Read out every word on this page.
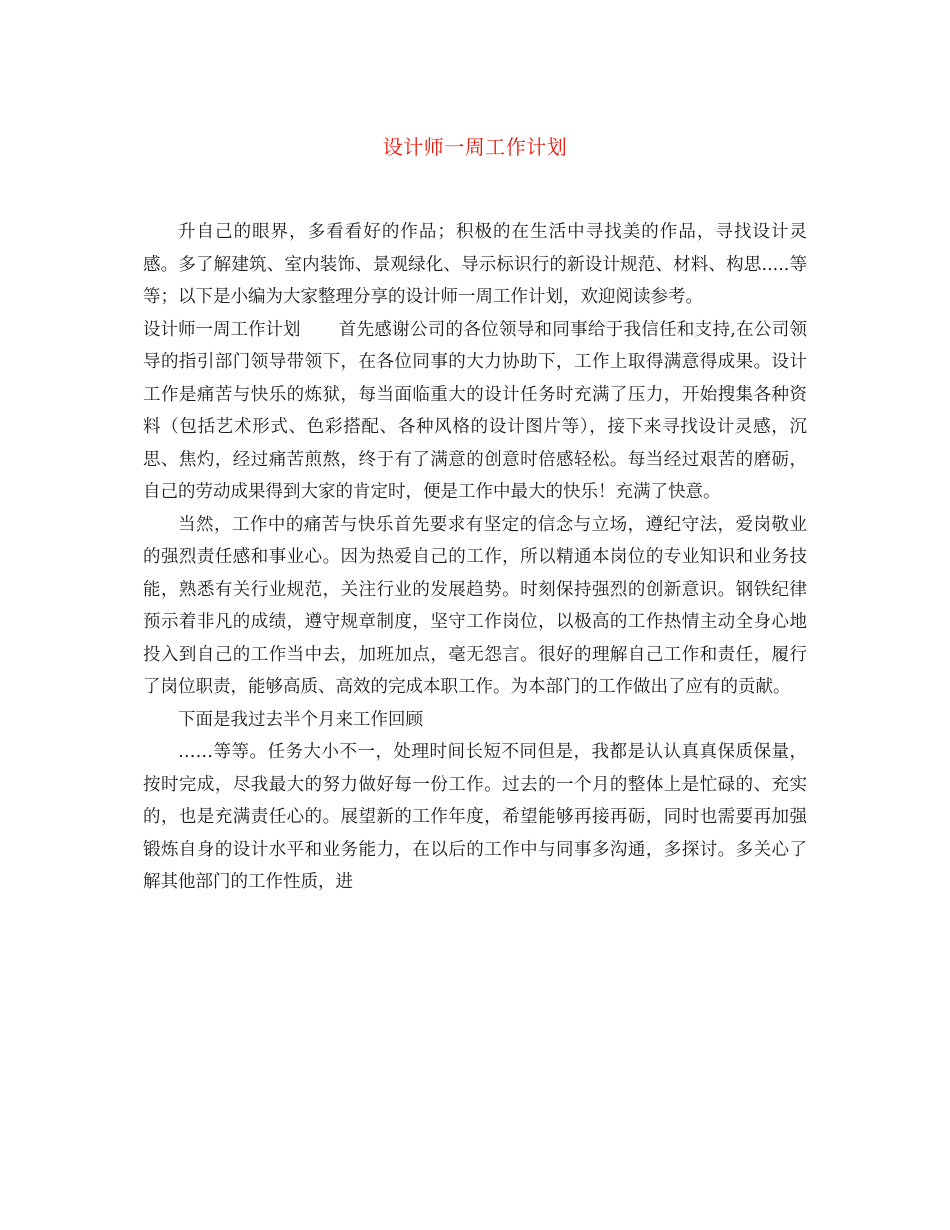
设计师一周工作计划

升自己的眼界，多看看好的作品；积极的在生活中寻找美的作品，寻找设计灵感。多了解建筑、室内装饰、景观绿化、导示标识行的新设计规范、材料、构思.....等等；以下是小编为大家整理分享的设计师一周工作计划，欢迎阅读参考。

设计师一周工作计划 首先感谢公司的各位领导和同事给于我信任和支持,在公司领导的指引部门领导带领下，在各位同事的大力协助下，工作上取得满意得成果。设计工作是痛苦与快乐的炼狱，每当面临重大的设计任务时充满了压力，开始搜集各种资料（包括艺术形式、色彩搭配、各种风格的设计图片等），接下来寻找设计灵感，沉思、焦灼，经过痛苦煎熬，终于有了满意的创意时倍感轻松。每当经过艰苦的磨砺，自己的劳动成果得到大家的肯定时，便是工作中最大的快乐！充满了快意。

当然，工作中的痛苦与快乐首先要求有坚定的信念与立场，遵纪守法，爱岗敬业的强烈责任感和事业心。因为热爱自己的工作，所以精通本岗位的专业知识和业务技能，熟悉有关行业规范，关注行业的发展趋势。时刻保持强烈的创新意识。钢铁纪律预示着非凡的成绩，遵守规章制度，坚守工作岗位，以极高的工作热情主动全身心地投入到自己的工作当中去，加班加点，毫无怨言。很好的理解自己工作和责任，履行了岗位职责，能够高质、高效的完成本职工作。为本部门的工作做出了应有的贡献。

下面是我过去半个月来工作回顾

……等等。任务大小不一，处理时间长短不同但是，我都是认认真真保质保量，按时完成，尽我最大的努力做好每一份工作。过去的一个月的整体上是忙碌的、充实的，也是充满责任心的。展望新的工作年度，希望能够再接再砺，同时也需要再加强锻炼自身的设计水平和业务能力，在以后的工作中与同事多沟通，多探讨。多关心了解其他部门的工作性质，进
